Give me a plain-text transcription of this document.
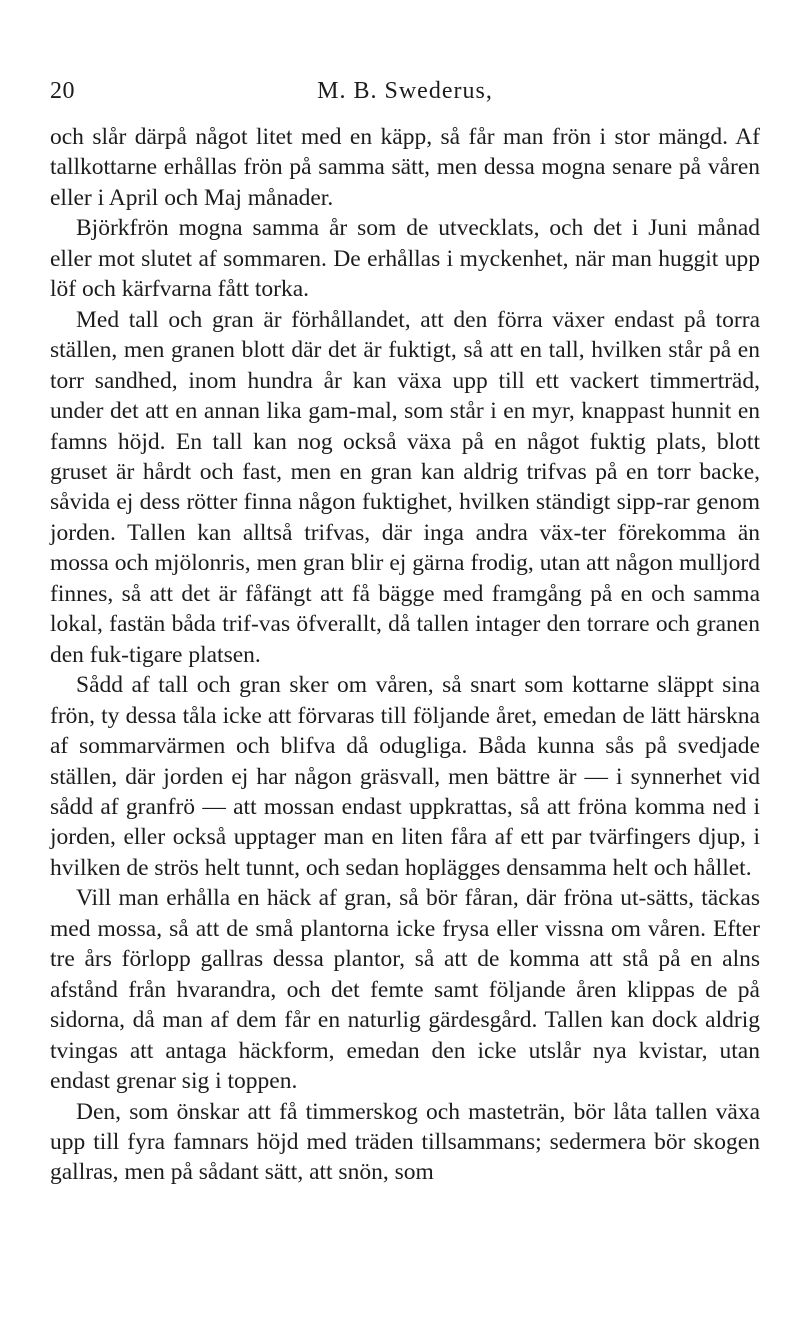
20	M. B. Swederus,

och slår därpå något litet med en käpp, så får man frön i stor mängd. Af tallkottarne erhållas frön på samma sätt, men dessa mogna senare på våren eller i April och Maj månader.

Björkfrön mogna samma år som de utvecklats, och det i Juni månad eller mot slutet af sommaren. De erhållas i myckenhet, när man huggit upp löf och kärfvarna fått torka.

Med tall och gran är förhållandet, att den förra växer endast på torra ställen, men granen blott där det är fuktigt, så att en tall, hvilken står på en torr sandhed, inom hundra år kan växa upp till ett vackert timmerträd, under det att en annan lika gam-mal, som står i en myr, knappast hunnit en famns höjd. En tall kan nog också växa på en något fuktig plats, blott gruset är hårdt och fast, men en gran kan aldrig trifvas på en torr backe, såvida ej dess rötter finna någon fuktighet, hvilken ständigt sipp-rar genom jorden. Tallen kan alltså trifvas, där inga andra väx-ter förekomma än mossa och mjölonris, men gran blir ej gärna frodig, utan att någon mulljord finnes, så att det är fåfängt att få bägge med framgång på en och samma lokal, fastän båda trif-vas öfverallt, då tallen intager den torrare och granen den fuk-tigare platsen.

Sådd af tall och gran sker om våren, så snart som kottarne släppt sina frön, ty dessa tåla icke att förvaras till följande året, emedan de lätt härskna af sommarvärmen och blifva då odugliga. Båda kunna sås på svedjade ställen, där jorden ej har någon gräsvall, men bättre är — i synnerhet vid sådd af granfrö — att mossan endast uppkrattas, så att fröna komma ned i jorden, eller också upptager man en liten fåra af ett par tvärfingers djup, i hvilken de strös helt tunnt, och sedan hoplägges densamma helt och hållet.

Vill man erhålla en häck af gran, så bör fåran, där fröna ut-sätts, täckas med mossa, så att de små plantorna icke frysa eller vissna om våren. Efter tre års förlopp gallras dessa plantor, så att de komma att stå på en alns afstånd från hvarandra, och det femte samt följande åren klippas de på sidorna, då man af dem får en naturlig gärdesgård. Tallen kan dock aldrig tvingas att antaga häckform, emedan den icke utslår nya kvistar, utan endast grenar sig i toppen.

Den, som önskar att få timmerskog och masteträn, bör låta tallen växa upp till fyra famnars höjd med träden tillsammans; sedermera bör skogen gallras, men på sådant sätt, att snön, som
